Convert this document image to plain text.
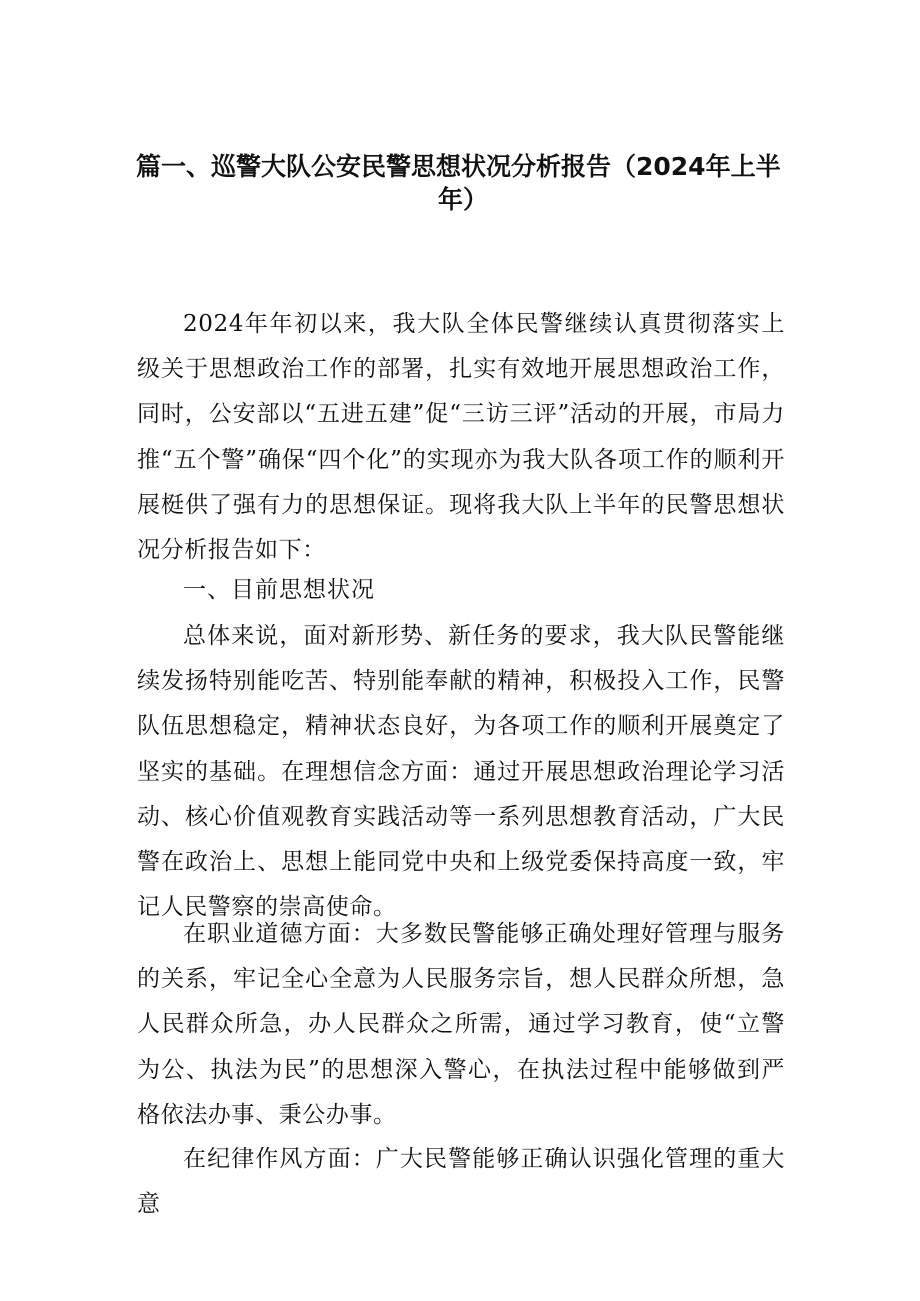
篇一、巡警大队公安民警思想状况分析报告（2024年上半
年）

2024年年初以来，我大队全体民警继续认真贯彻落实上级关于思想政治工作的部署，扎实有效地开展思想政治工作，同时，公安部以“五进五建”促“三访三评”活动的开展，市局力推“五个警”确保“四个化”的实现亦为我大队各项工作的顺利开展梃供了强有力的思想保证。现将我大队上半年的民警思想状况分析报告如下：

一、目前思想状况

总体来说，面对新形势、新任务的要求，我大队民警能继续发扬特别能吃苦、特别能奉献的精神，积极投入工作，民警队伍思想稳定，精神状态良好，为各项工作的顺利开展奠定了坚实的基础。在理想信念方面：通过开展思想政治理论学习活动、核心价值观教育实践活动等一系列思想教育活动，广大民警在政治上、思想上能同党中央和上级党委保持高度一致，牢记人民警察的崇高使命。

在职业道德方面：大多数民警能够正确处理好管理与服务的关系，牢记全心全意为人民服务宗旨，想人民群众所想，急人民群众所急，办人民群众之所需，通过学习教育，使“立警为公、执法为民”的思想深入警心，在执法过程中能够做到严格依法办事、秉公办事。

在纪律作风方面：广大民警能够正确认识强化管理的重大意
